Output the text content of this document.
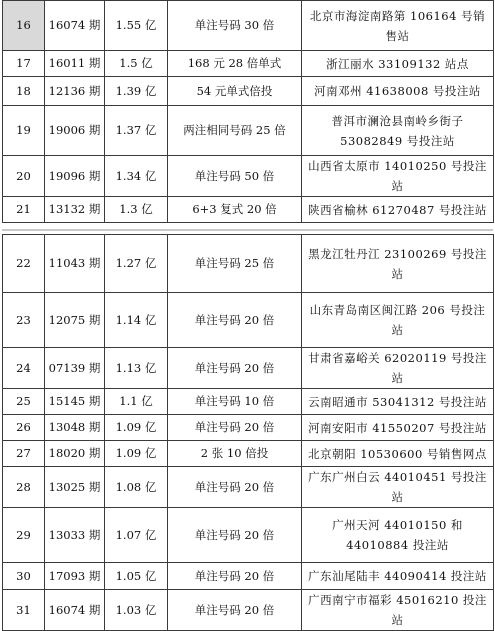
16	16074 期	1.55 亿	单注号码 30 倍	北京市海淀南路第 106164 号销售站
17	16011 期	1.5 亿	168 元 28 倍单式	浙江丽水 33109132 站点
18	12136 期	1.39 亿	54 元单式倍投	河南邓州 41638008 号投注站
19	19006 期	1.37 亿	两注相同号码 25 倍	普洱市澜沧县南岭乡街子 53082849 号投注站
20	19096 期	1.34 亿	单注号码 50 倍	山西省太原市 14010250 号投注站
21	13132 期	1.3 亿	6+3 复式 20 倍	陕西省榆林 61270487 号投注站
22	11043 期	1.27 亿	单注号码 25 倍	黑龙江牡丹江 23100269 号投注站
23	12075 期	1.14 亿	单注号码 20 倍	山东青岛南区闽江路 206 号投注站
24	07139 期	1.13 亿	单注号码 20 倍	甘肃省嘉峪关 62020119 号投注站
25	15145 期	1.1 亿	单注号码 10 倍	云南昭通市 53041312 号投注站
26	13048 期	1.09 亿	单注号码 20 倍	河南安阳市 41550207 号投注站
27	18020 期	1.09 亿	2 张 10 倍投	北京朝阳 10530600 号销售网点
28	13025 期	1.08 亿	单注号码 20 倍	广东广州白云 44010451 号投注站
29	13033 期	1.07 亿	单注号码 20 倍	广州天河 44010150 和 44010884 投注站
30	17093 期	1.05 亿	单注号码 20 倍	广东汕尾陆丰 44090414 投注站
31	16074 期	1.03 亿	单注号码 20 倍	广西南宁市福彩 45016210 投注站
